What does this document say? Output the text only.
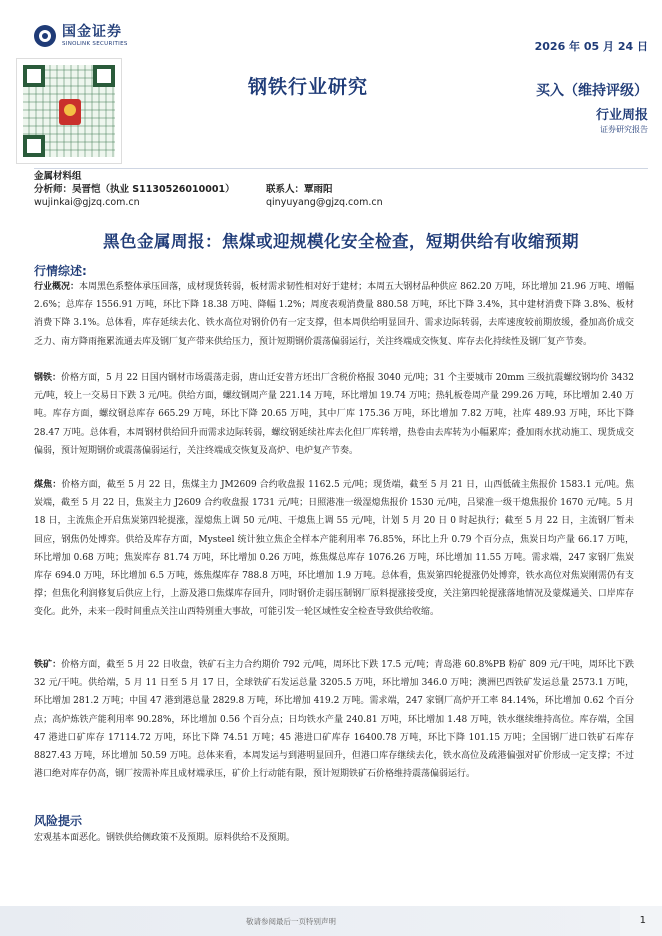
国金证券
SINOLINK SECURITIES	2026 年 05 月 24 日
钢铁行业研究	买入（维持评级）
行业周报
证券研究报告
金属材料组
分析师：吴晋恺（执业 S1130526010001）	联系人：覃雨阳
wujinkai@gjzq.com.cn	qinyuyang@gjzq.com.cn
黑色金属周报：焦煤或迎规模化安全检查，短期供给有收缩预期
行情综述:
行业概况：本周黑色系整体承压回落，成材现货转弱，板材需求韧性相对好于建材；本周五大钢材品种供应 862.20 万吨，环比增加 21.96 万吨、增幅 2.6%；总库存 1556.91 万吨，环比下降 18.38 万吨、降幅 1.2%；周度表观消费量 880.58 万吨，环比下降 3.4%，其中建材消费下降 3.8%、板材消费下降 3.1%。总体看，库存延续去化、铁水高位对钢价仍有一定支撑，但本周供给明显回升、需求边际转弱，去库速度较前期放缓，叠加高价成交乏力、南方降雨拖累流通去库及钢厂复产带来供给压力，预计短期钢价震荡偏弱运行，关注终端成交恢复、库存去化持续性及钢厂复产节奏。
钢铁：价格方面，5 月 22 日国内钢材市场震荡走弱，唐山迁安普方坯出厂含税价格报 3040 元/吨；31 个主要城市 20mm 三级抗震螺纹钢均价 3432 元/吨，较上一交易日下跌 3 元/吨。供给方面，螺纹钢周产量 221.14 万吨，环比增加 19.74 万吨；热轧板卷周产量 299.26 万吨，环比增加 2.40 万吨。库存方面，螺纹钢总库存 665.29 万吨，环比下降 20.65 万吨，其中厂库 175.36 万吨，环比增加 7.82 万吨，社库 489.93 万吨，环比下降 28.47 万吨。总体看，本周钢材供给回升而需求边际转弱，螺纹钢延续社库去化但厂库转增，热卷由去库转为小幅累库；叠加雨水扰动施工、现货成交偏弱，预计短期钢价或震荡偏弱运行，关注终端成交恢复及高炉、电炉复产节奏。
煤焦：价格方面，截至 5 月 22 日，焦煤主力 JM2609 合约收盘报 1162.5 元/吨；现货端，截至 5 月 21 日，山西低硫主焦报价 1583.1 元/吨。焦炭端，截至 5 月 22 日，焦炭主力 J2609 合约收盘报 1731 元/吨；日照港准一级湿熄焦报价 1530 元/吨，吕梁准一级干熄焦报价 1670 元/吨。5 月 18 日，主流焦企开启焦炭第四轮提涨，湿熄焦上调 50 元/吨、干熄焦上调 55 元/吨，计划 5 月 20 日 0 时起执行；截至 5 月 22 日，主流钢厂暂未回应，钢焦仍处博弈。供给及库存方面，Mysteel 统计独立焦企全样本产能利用率 76.85%，环比上升 0.79 个百分点，焦炭日均产量 66.17 万吨，环比增加 0.68 万吨；焦炭库存 81.74 万吨，环比增加 0.26 万吨，炼焦煤总库存 1076.26 万吨，环比增加 11.55 万吨。需求端，247 家钢厂焦炭库存 694.0 万吨，环比增加 6.5 万吨，炼焦煤库存 788.8 万吨，环比增加 1.9 万吨。总体看，焦炭第四轮提涨仍处博弈，铁水高位对焦炭刚需仍有支撑；但焦化利润修复后供应上行，上游及港口焦煤库存回升，同时钢价走弱压制钢厂原料提涨接受度，关注第四轮提涨落地情况及蒙煤通关、口岸库存变化。此外，未来一段时间重点关注山西特别重大事故，可能引发一轮区域性安全检查导致供给收缩。
铁矿：价格方面，截至 5 月 22 日收盘，铁矿石主力合约期价 792 元/吨，周环比下跌 17.5 元/吨；青岛港 60.8%PB 粉矿 809 元/干吨，周环比下跌 32 元/干吨。供给端，5 月 11 日至 5 月 17 日，全球铁矿石发运总量 3205.5 万吨，环比增加 346.0 万吨；澳洲巴西铁矿发运总量 2573.1 万吨，环比增加 281.2 万吨；中国 47 港到港总量 2829.8 万吨，环比增加 419.2 万吨。需求端，247 家钢厂高炉开工率 84.14%，环比增加 0.62 个百分点；高炉炼铁产能利用率 90.28%，环比增加 0.56 个百分点；日均铁水产量 240.81 万吨，环比增加 1.48 万吨，铁水继续维持高位。库存端，全国 47 港进口矿库存 17114.72 万吨，环比下降 74.51 万吨；45 港进口矿库存 16400.78 万吨，环比下降 101.15 万吨；全国钢厂进口铁矿石库存 8827.43 万吨，环比增加 50.59 万吨。总体来看，本周发运与到港明显回升，但港口库存继续去化，铁水高位及疏港偏强对矿价形成一定支撑；不过港口绝对库存仍高，钢厂按需补库且成材端承压，矿价上行动能有限，预计短期铁矿石价格维持震荡偏弱运行。
风险提示
宏观基本面恶化。钢铁供给侧政策不及预期。原料供给不及预期。
敬请参阅最后一页特别声明	1
